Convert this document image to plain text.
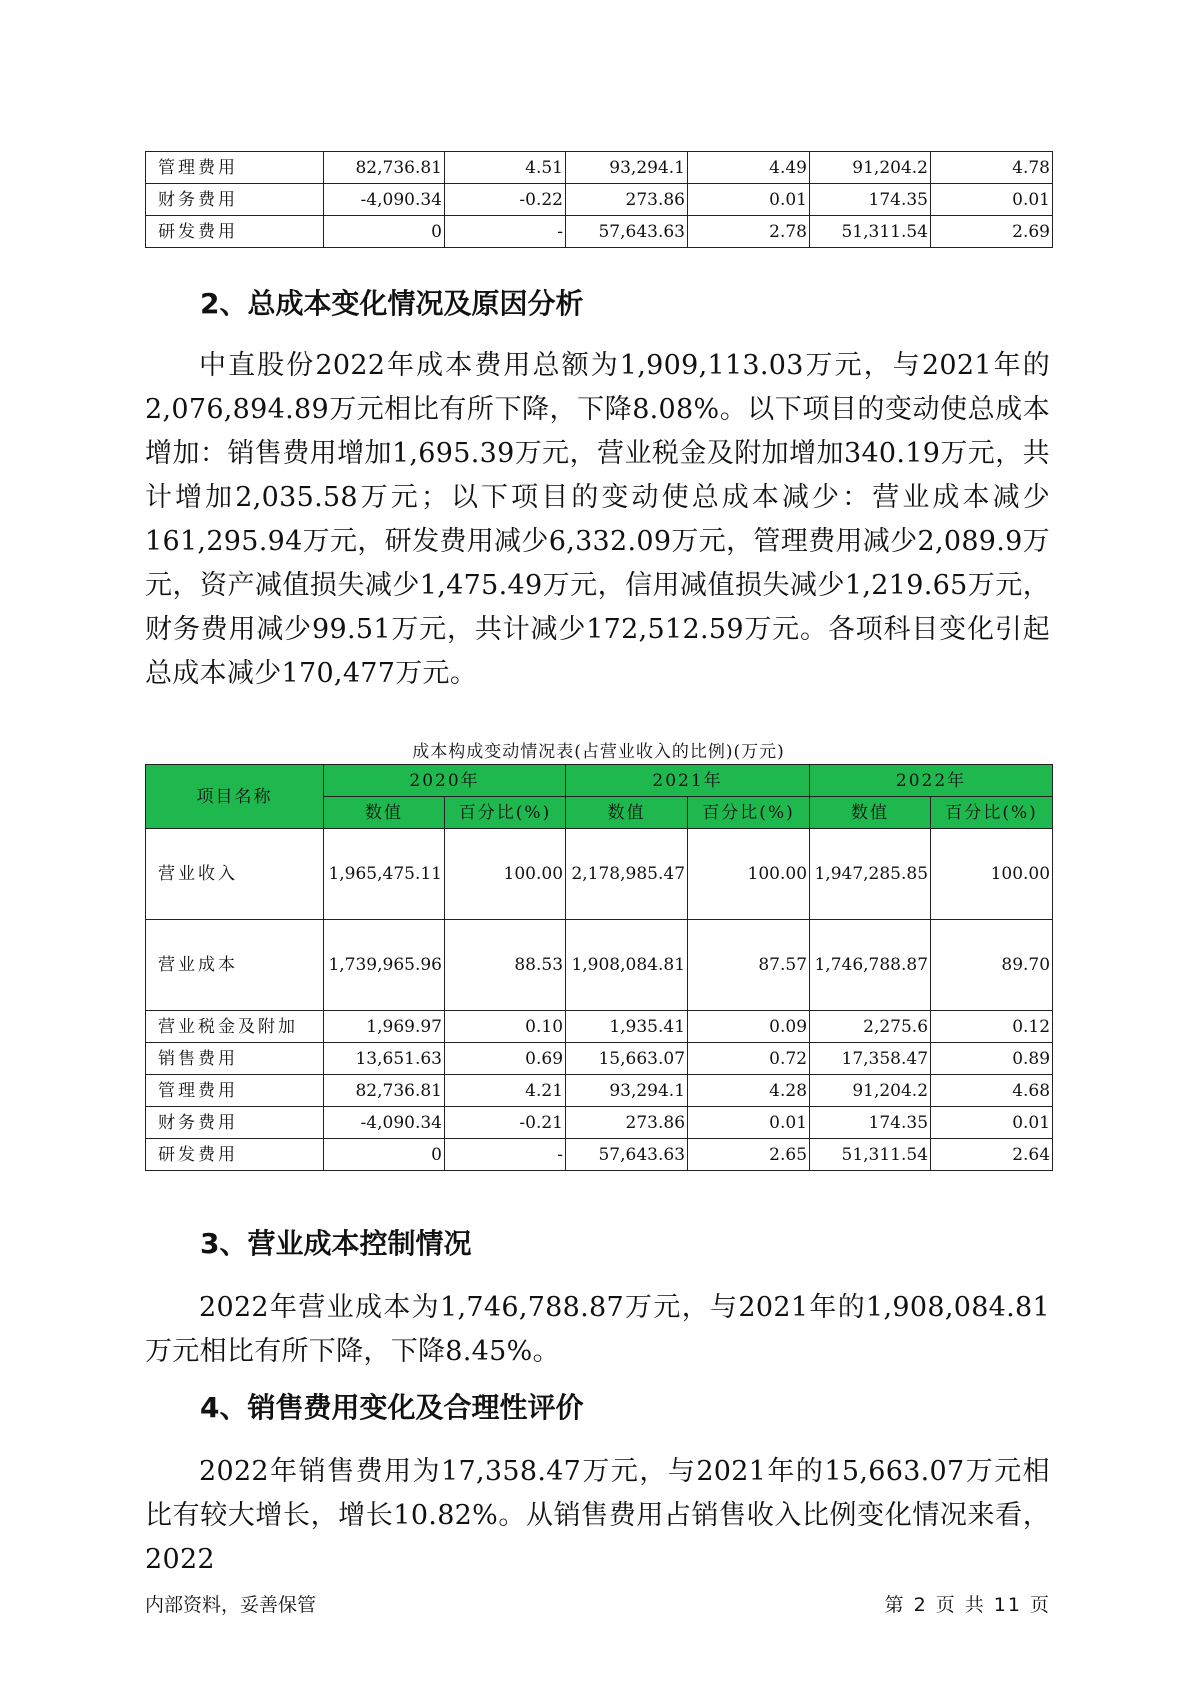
管理费用	82,736.81	4.51	93,294.1	4.49	91,204.2	4.78
财务费用	-4,090.34	-0.22	273.86	0.01	174.35	0.01
研发费用	0	-	57,643.63	2.78	51,311.54	2.69
2、总成本变化情况及原因分析

中直股份2022年成本费用总额为1,909,113.03万元，与2021年的2,076,894.89万元相比有所下降，下降8.08%。以下项目的变动使总成本增加：销售费用增加1,695.39万元，营业税金及附加增加340.19万元，共计增加2,035.58万元；以下项目的变动使总成本减少：营业成本减少161,295.94万元，研发费用减少6,332.09万元，管理费用减少2,089.9万元，资产减值损失减少1,475.49万元，信用减值损失减少1,219.65万元，财务费用减少99.51万元，共计减少172,512.59万元。各项科目变化引起总成本减少170,477万元。

成本构成变动情况表(占营业收入的比例)(万元)

项目名称	2020年		2021年		2022年	
	数值	百分比(%)	数值	百分比(%)	数值	百分比(%)
营业收入	1,965,475.11	100.00	2,178,985.47	100.00	1,947,285.85	100.00
营业成本	1,739,965.96	88.53	1,908,084.81	87.57	1,746,788.87	89.70
营业税金及附加	1,969.97	0.10	1,935.41	0.09	2,275.6	0.12
销售费用	13,651.63	0.69	15,663.07	0.72	17,358.47	0.89
管理费用	82,736.81	4.21	93,294.1	4.28	91,204.2	4.68
财务费用	-4,090.34	-0.21	273.86	0.01	174.35	0.01
研发费用	0	-	57,643.63	2.65	51,311.54	2.64
3、营业成本控制情况

2022年营业成本为1,746,788.87万元，与2021年的1,908,084.81万元相比有所下降，下降8.45%。

4、销售费用变化及合理性评价

2022年销售费用为17,358.47万元，与2021年的15,663.07万元相比有较大增长，增长10.82%。从销售费用占销售收入比例变化情况来看，2022

内部资料，妥善保管	第 2 页 共 11 页
